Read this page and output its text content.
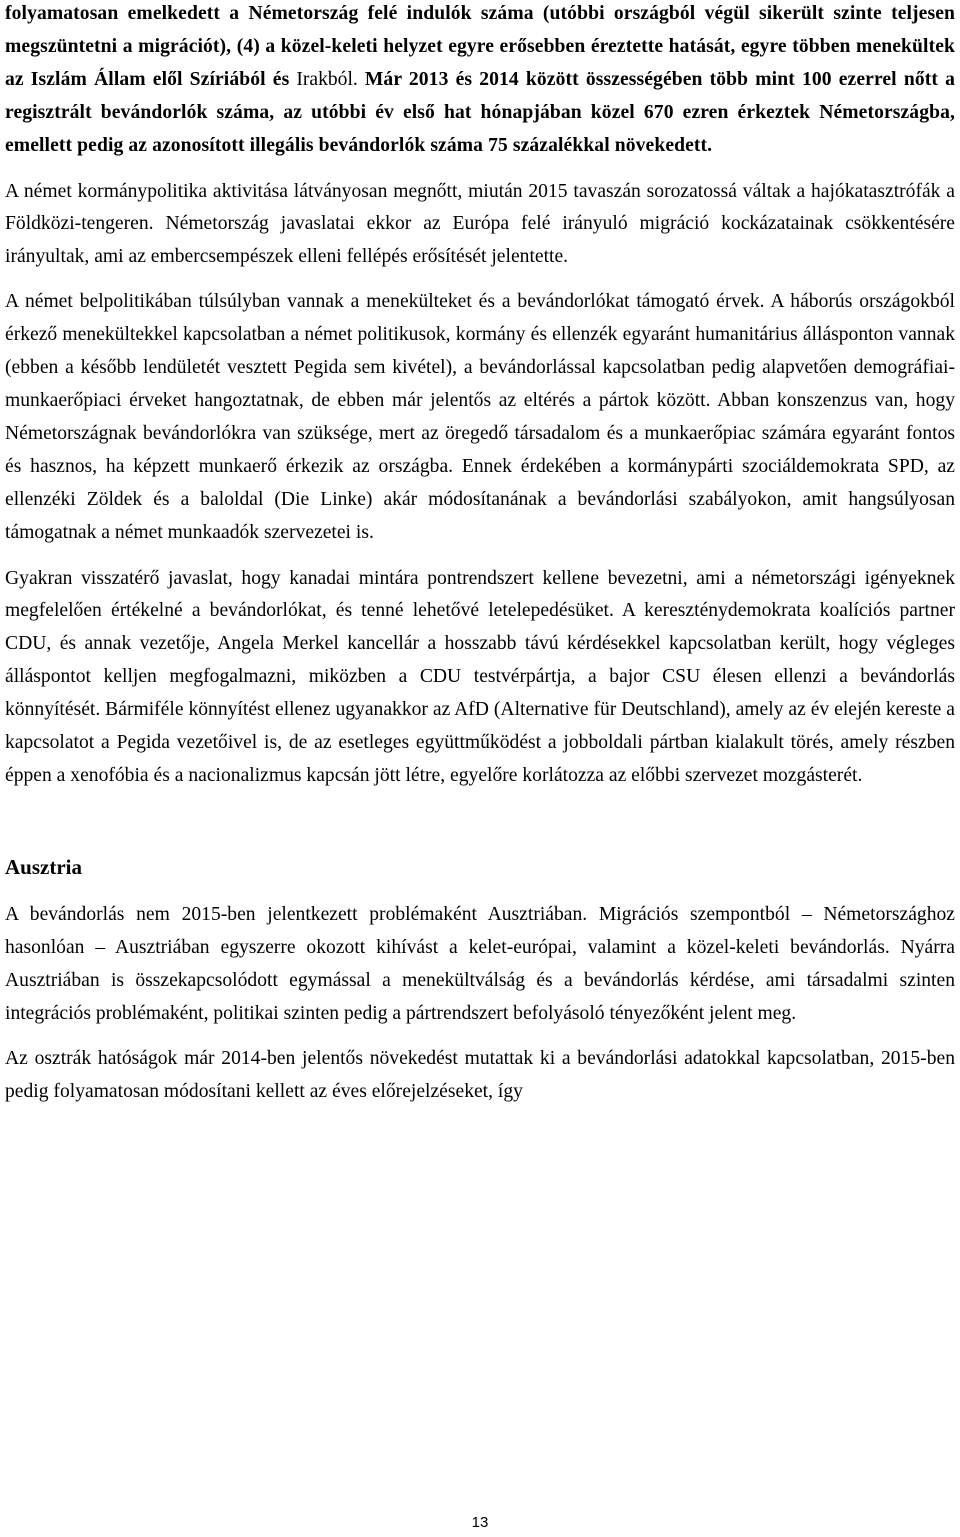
folyamatosan emelkedett a Németország felé indulók száma (utóbbi országból végül sikerült szinte teljesen megszüntetni a migrációt), (4) a közel-keleti helyzet egyre erősebben éreztette hatását, egyre többen menekültek az Iszlám Állam elől Szíriából és Irakból. Már 2013 és 2014 között összességében több mint 100 ezerrel nőtt a regisztrált bevándorlók száma, az utóbbi év első hat hónapjában közel 670 ezren érkeztek Németországba, emellett pedig az azonosított illegális bevándorlók száma 75 százalékkal növekedett.

A német kormánypolitika aktivitása látványosan megnőtt, miután 2015 tavaszán sorozatossá váltak a hajókatasztrófák a Földközi-tengeren. Németország javaslatai ekkor az Európa felé irányuló migráció kockázatainak csökkentésére irányultak, ami az embercsempészek elleni fellépés erősítését jelentette.

A német belpolitikában túlsúlyban vannak a menekülteket és a bevándorlókat támogató érvek. A háborús országokból érkező menekültekkel kapcsolatban a német politikusok, kormány és ellenzék egyaránt humanitárius állásponton vannak (ebben a később lendületét vesztett Pegida sem kivétel), a bevándorlással kapcsolatban pedig alapvetően demográfiai-munkaerőpiaci érveket hangoztatnak, de ebben már jelentős az eltérés a pártok között. Abban konszenzus van, hogy Németországnak bevándorlókra van szüksége, mert az öregedő társadalom és a munkaerőpiac számára egyaránt fontos és hasznos, ha képzett munkaerő érkezik az országba. Ennek érdekében a kormánypárti szociáldemokrata SPD, az ellenzéki Zöldek és a baloldal (Die Linke) akár módosítanának a bevándorlási szabályokon, amit hangsúlyosan támogatnak a német munkaadók szervezetei is.

Gyakran visszatérő javaslat, hogy kanadai mintára pontrendszert kellene bevezetni, ami a németországi igényeknek megfelelően értékelné a bevándorlókat, és tenné lehetővé letelepedésüket. A kereszténydemokrata koalíciós partner CDU, és annak vezetője, Angela Merkel kancellár a hosszabb távú kérdésekkel kapcsolatban került, hogy végleges álláspontot kelljen megfogalmazni, miközben a CDU testvérpártja, a bajor CSU élesen ellenzi a bevándorlás könnyítését. Bármiféle könnyítést ellenez ugyanakkor az AfD (Alternative für Deutschland), amely az év elején kereste a kapcsolatot a Pegida vezetőivel is, de az esetleges együttműködést a jobboldali pártban kialakult törés, amely részben éppen a xenofóbia és a nacionalizmus kapcsán jött létre, egyelőre korlátozza az előbbi szervezet mozgásterét.

Ausztria

A bevándorlás nem 2015-ben jelentkezett problémaként Ausztriában. Migrációs szempontból – Németországhoz hasonlóan – Ausztriában egyszerre okozott kihívást a kelet-európai, valamint a közel-keleti bevándorlás. Nyárra Ausztriában is összekapcsolódott egymással a menekültválság és a bevándorlás kérdése, ami társadalmi szinten integrációs problémaként, politikai szinten pedig a pártrendszert befolyásoló tényezőként jelent meg.

Az osztrák hatóságok már 2014-ben jelentős növekedést mutattak ki a bevándorlási adatokkal kapcsolatban, 2015-ben pedig folyamatosan módosítani kellett az éves előrejelzéseket, így

13
